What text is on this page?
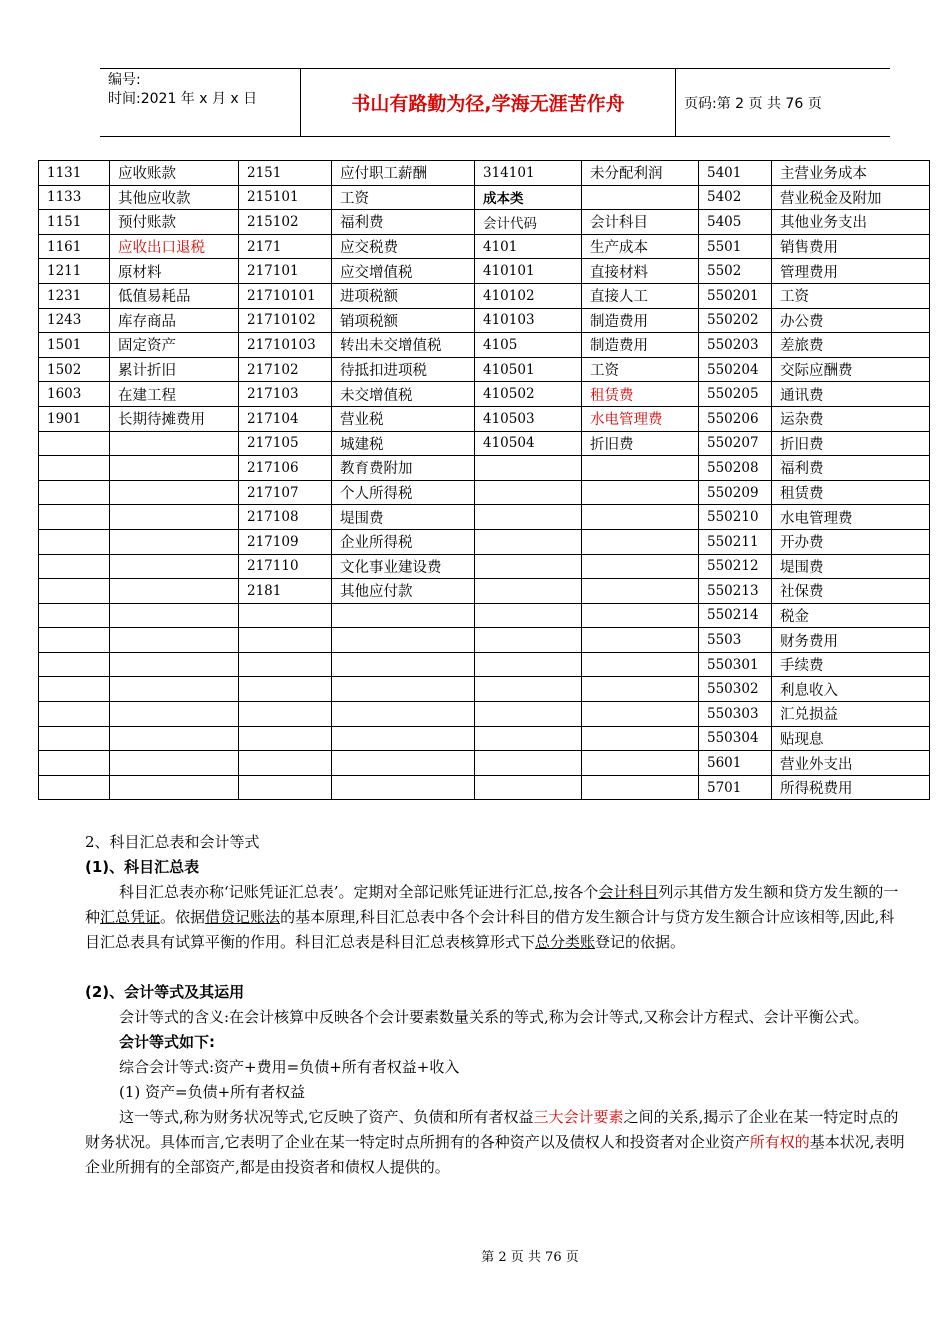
编号:
时间:2021 年 x 月 x 日	书山有路勤为径,学海无涯苦作舟	页码:第 2 页 共 76 页
1131	应收账款	2151	应付职工薪酬	314101	未分配利润	5401	主营业务成本
1133	其他应收款	215101	工资	成本类		5402	营业税金及附加
1151	预付账款	215102	福利费	会计代码	会计科目	5405	其他业务支出
1161	应收出口退税	2171	应交税费	4101	生产成本	5501	销售费用
1211	原材料	217101	应交增值税	410101	直接材料	5502	管理费用
1231	低值易耗品	21710101	进项税额	410102	直接人工	550201	工资
1243	库存商品	21710102	销项税额	410103	制造费用	550202	办公费
1501	固定资产	21710103	转出未交增值税	4105	制造费用	550203	差旅费
1502	累计折旧	217102	待抵扣进项税	410501	工资	550204	交际应酬费
1603	在建工程	217103	未交增值税	410502	租赁费	550205	通讯费
1901	长期待摊费用	217104	营业税	410503	水电管理费	550206	运杂费
		217105	城建税	410504	折旧费	550207	折旧费
		217106	教育费附加			550208	福利费
		217107	个人所得税			550209	租赁费
		217108	堤围费			550210	水电管理费
		217109	企业所得税			550211	开办费
		217110	文化事业建设费			550212	堤围费
		2181	其他应付款			550213	社保费
						550214	税金
						5503	财务费用
						550301	手续费
						550302	利息收入
						550303	汇兑损益
						550304	贴现息
						5601	营业外支出
						5701	所得税费用

2、科目汇总表和会计等式

(1)、科目汇总表

科目汇总表亦称‘记账凭证汇总表’。定期对全部记账凭证进行汇总,按各个会计科目列示其借方发生额和贷方发生额的一种汇总凭证。依据借贷记账法的基本原理,科目汇总表中各个会计科目的借方发生额合计与贷方发生额合计应该相等,因此,科目汇总表具有试算平衡的作用。科目汇总表是科目汇总表核算形式下总分类账登记的依据。

(2)、会计等式及其运用

会计等式的含义:在会计核算中反映各个会计要素数量关系的等式,称为会计等式,又称会计方程式、会计平衡公式。

会计等式如下:

综合会计等式:资产+费用=负债+所有者权益+收入

(1) 资产=负债+所有者权益

这一等式,称为财务状况等式,它反映了资产、负债和所有者权益三大会计要素之间的关系,揭示了企业在某一特定时点的财务状况。具体而言,它表明了企业在某一特定时点所拥有的各种资产以及债权人和投资者对企业资产所有权的基本状况,表明企业所拥有的全部资产,都是由投资者和债权人提供的。

第 2 页 共 76 页
